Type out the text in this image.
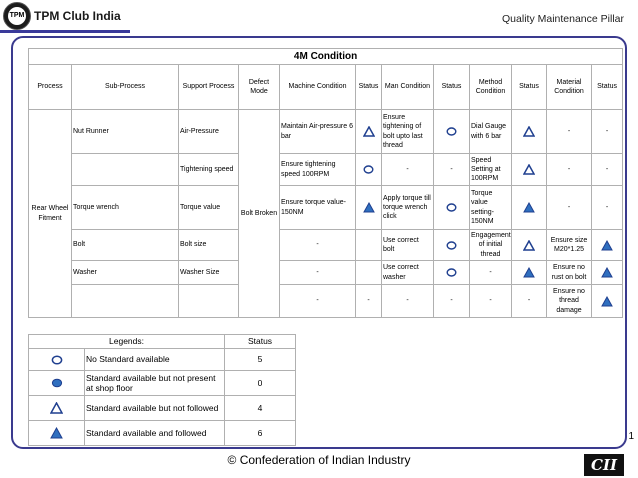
TPM TPM Club India	Quality Maintenance Pillar
4M Condition											
Process	Sub-Process	Support Process	Defect Mode	Machine Condition	Status	Man Condition	Status	Method Condition	Status	Material Condition	Status
Rear Wheel Fitment	Nut Runner	Air-Pressure	Bolt Broken	Maintain Air-pressure 6 bar		Ensure tightening of bolt upto last thread		Dial Gauge with 6 bar		-	-
		Tightening speed		Ensure tightening speed 100RPM		-	-	Speed Setting at 100RPM		-	-
	Torque wrench	Torque value		Ensure torque value-150NM		Apply torque till torque wrench click		Torque value setting-150NM		-	-
	Bolt	Bolt size		-		Use correct bolt		Engagement of initial thread		Ensure size M20*1.25	

	Washer	Washer Size		-		Use correct washer		-		Ensure no rust on bolt	

				-	-	-	-	-	-	Ensure no thread damage	
Legends:		Status

	No Standard available	5

	Standard available but not present at shop floor	0

	Standard available but not followed	4

	Standard available and followed	6	1
© Confederation of Indian Industry	CII
